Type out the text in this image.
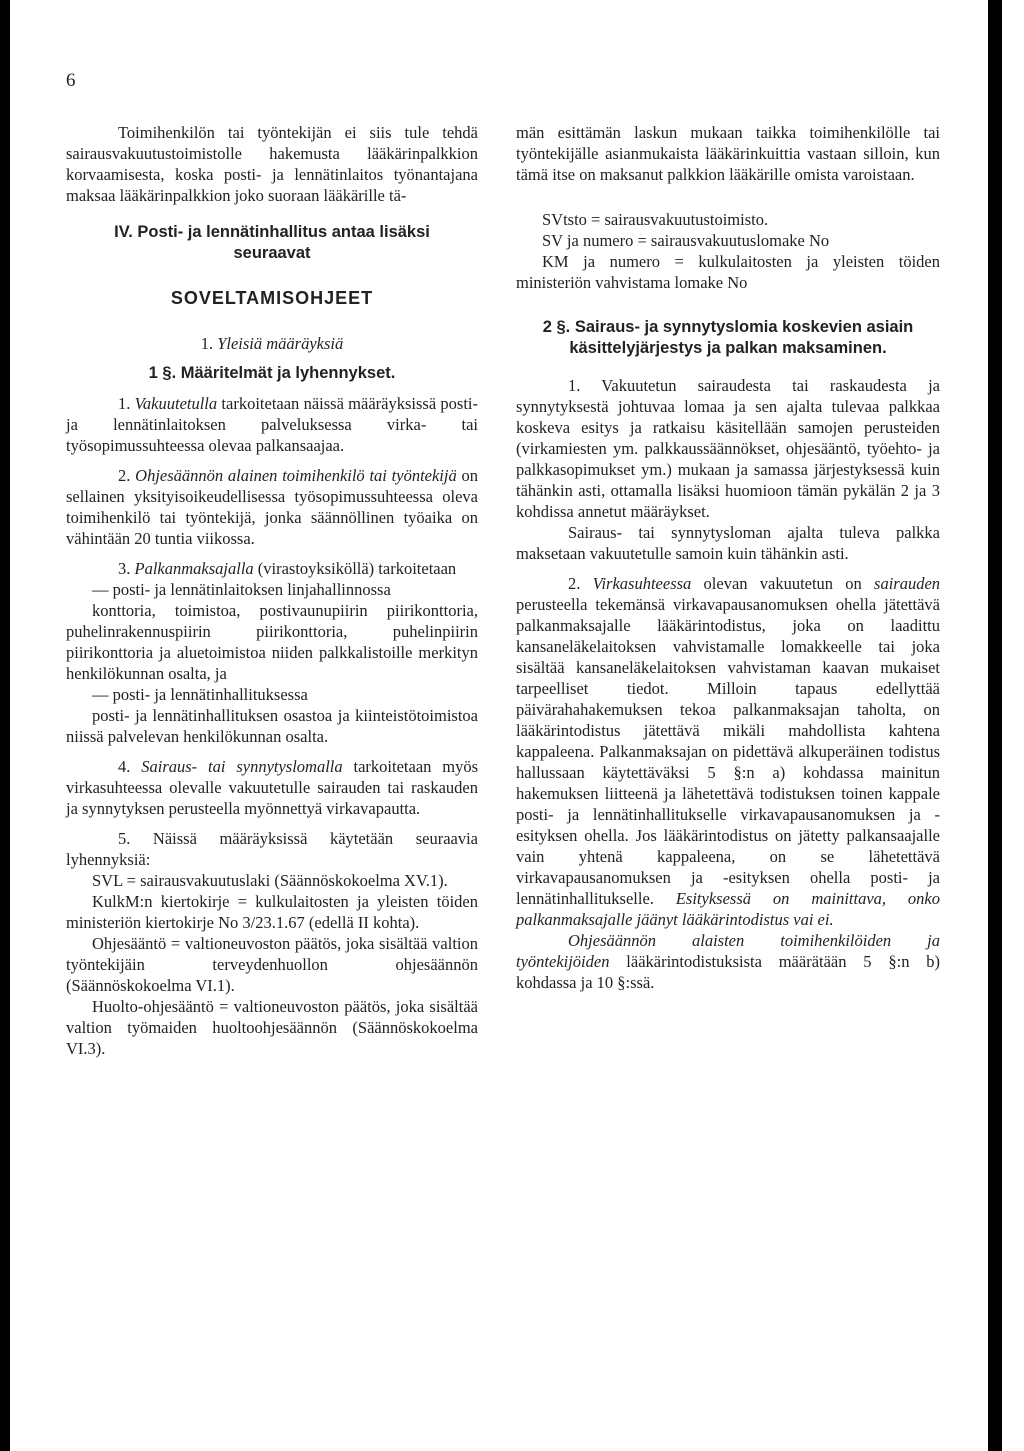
6

Toimihenkilön tai työntekijän ei siis tule tehdä sairausvakuutustoimistolle hakemusta lääkärinpalkkion korvaamisesta, koska posti- ja lennätinlaitos työnantajana maksaa lääkärinpalkkion joko suoraan lääkärille tä-

IV. Posti- ja lennätinhallitus antaa lisäksi

seuraavat

SOVELTAMISOHJEET

1. Yleisiä määräyksiä

1 §. Määritelmät ja lyhennykset.

1. Vakuutetulla tarkoitetaan näissä määräyksissä posti- ja lennätinlaitoksen palveluksessa virka- tai työsopimussuhteessa olevaa palkansaajaa.

2. Ohjesäännön alainen toimihenkilö tai työntekijä on sellainen yksityisoikeudellisessa työsopimussuhteessa oleva toimihenkilö tai työntekijä, jonka säännöllinen työaika on vähintään 20 tuntia viikossa.

3. Palkanmaksajalla (virastoyksiköllä) tarkoitetaan

— posti- ja lennätinlaitoksen linjahallinnossa

konttoria, toimistoa, postivaunupiirin piirikonttoria, puhelinrakennuspiirin piirikonttoria, puhelinpiirin piirikonttoria ja aluetoimistoa niiden palkkalistoille merkityn henkilökunnan osalta, ja

— posti- ja lennätinhallituksessa

posti- ja lennätinhallituksen osastoa ja kiinteistötoimistoa niissä palvelevan henkilökunnan osalta.

4. Sairaus- tai synnytyslomalla tarkoitetaan myös virkasuhteessa olevalle vakuutetulle sairauden tai raskauden ja synnytyksen perusteella myönnettyä virkavapautta.

5. Näissä määräyksissä käytetään seuraavia lyhennyksiä:

SVL = sairausvakuutuslaki (Säännöskokoelma XV.1).

KulkM:n kiertokirje = kulkulaitosten ja yleisten töiden ministeriön kiertokirje No 3/23.1.67 (edellä II kohta).

Ohjesääntö = valtioneuvoston päätös, joka sisältää valtion työntekijäin terveydenhuollon ohjesäännön (Säännöskokoelma VI.1).

Huolto-ohjesääntö = valtioneuvoston päätös, joka sisältää valtion työmaiden huoltoohjesäännön (Säännöskokoelma VI.3).

män esittämän laskun mukaan taikka toimihenkilölle tai työntekijälle asianmukaista lääkärinkuittia vastaan silloin, kun tämä itse on maksanut palkkion lääkärille omista varoistaan.

SVtsto = sairausvakuutustoimisto.

SV ja numero = sairausvakuutuslomake No

KM ja numero = kulkulaitosten ja yleisten töiden ministeriön vahvistama lomake No

2 §. Sairaus- ja synnytyslomia koskevien asiain käsittelyjärjestys ja palkan maksaminen.

1. Vakuutetun sairaudesta tai raskaudesta ja synnytyksestä johtuvaa lomaa ja sen ajalta tulevaa palkkaa koskeva esitys ja ratkaisu käsitellään samojen perusteiden (virkamiesten ym. palkkaussäännökset, ohjesääntö, työehto- ja palkkasopimukset ym.) mukaan ja samassa järjestyksessä kuin tähänkin asti, ottamalla lisäksi huomioon tämän pykälän 2 ja 3 kohdissa annetut määräykset.

Sairaus- tai synnytysloman ajalta tuleva palkka maksetaan vakuutetulle samoin kuin tähänkin asti.

2. Virkasuhteessa olevan vakuutetun on sairauden perusteella tekemänsä virkavapausanomuksen ohella jätettävä palkanmaksajalle lääkärintodistus, joka on laadittu kansaneläkelaitoksen vahvistamalle lomakkeelle tai joka sisältää kansaneläkelaitoksen vahvistaman kaavan mukaiset tarpeelliset tiedot. Milloin tapaus edellyttää päivärahahakemuksen tekoa palkanmaksajan taholta, on lääkärintodistus jätettävä mikäli mahdollista kahtena kappaleena. Palkanmaksajan on pidettävä alkuperäinen todistus hallussaan käytettäväksi 5 §:n a) kohdassa mainitun hakemuksen liitteenä ja lähetettävä todistuksen toinen kappale posti- ja lennätinhallitukselle virkavapausanomuksen ja -esityksen ohella. Jos lääkärintodistus on jätetty palkansaajalle vain yhtenä kappaleena, on se lähetettävä virkavapausanomuksen ja -esityksen ohella posti- ja lennätinhallitukselle. Esityksessä on mainittava, onko palkanmaksajalle jäänyt lääkärintodistus vai ei.

Ohjesäännön alaisten toimihenkilöiden ja työntekijöiden lääkärintodistuksista määrätään 5 §:n b) kohdassa ja 10 §:ssä.
